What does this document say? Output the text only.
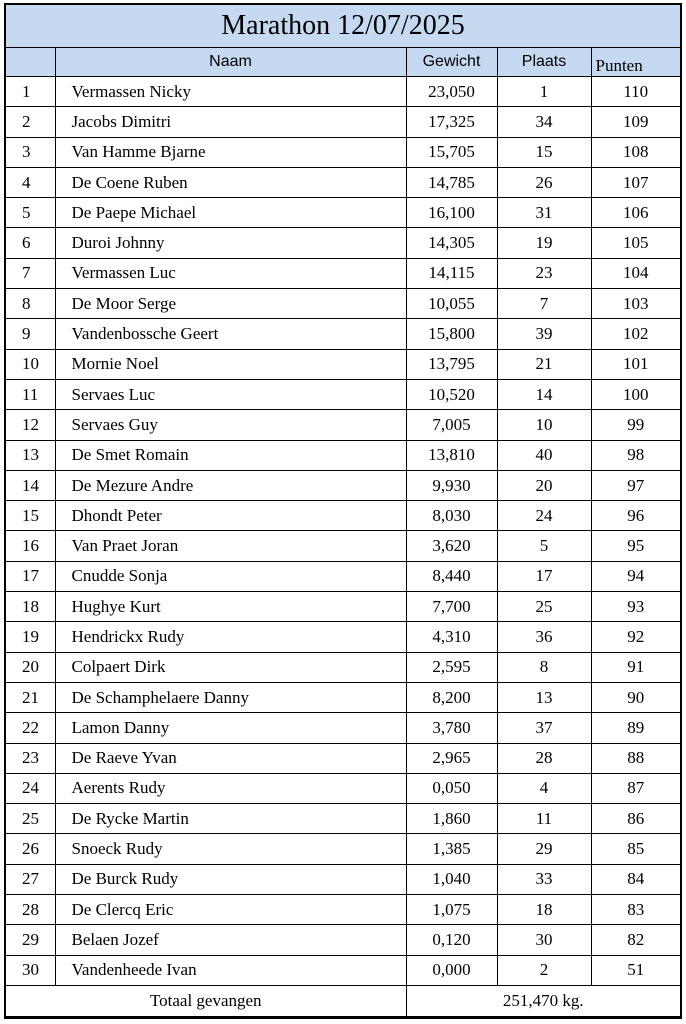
Marathon 12/07/2025
	Naam	Gewicht	Plaats	Punten
1	Vermassen Nicky	23,050	1	110
2	Jacobs Dimitri	17,325	34	109
3	Van Hamme Bjarne	15,705	15	108
4	De Coene Ruben	14,785	26	107
5	De Paepe Michael	16,100	31	106
6	Duroi Johnny	14,305	19	105
7	Vermassen Luc	14,115	23	104
8	De Moor Serge	10,055	7	103
9	Vandenbossche Geert	15,800	39	102
10	Mornie Noel	13,795	21	101
11	Servaes Luc	10,520	14	100
12	Servaes Guy	7,005	10	99
13	De Smet Romain	13,810	40	98
14	De Mezure Andre	9,930	20	97
15	Dhondt Peter	8,030	24	96
16	Van Praet Joran	3,620	5	95
17	Cnudde Sonja	8,440	17	94
18	Hughye Kurt	7,700	25	93
19	Hendrickx Rudy	4,310	36	92
20	Colpaert Dirk	2,595	8	91
21	De Schamphelaere Danny	8,200	13	90
22	Lamon Danny	3,780	37	89
23	De Raeve Yvan	2,965	28	88
24	Aerents Rudy	0,050	4	87
25	De Rycke Martin	1,860	11	86
26	Snoeck Rudy	1,385	29	85
27	De Burck Rudy	1,040	33	84
28	De Clercq Eric	1,075	18	83
29	Belaen Jozef	0,120	30	82
30	Vandenheede Ivan	0,000	2	51
Totaal gevangen		251,470 kg.		
